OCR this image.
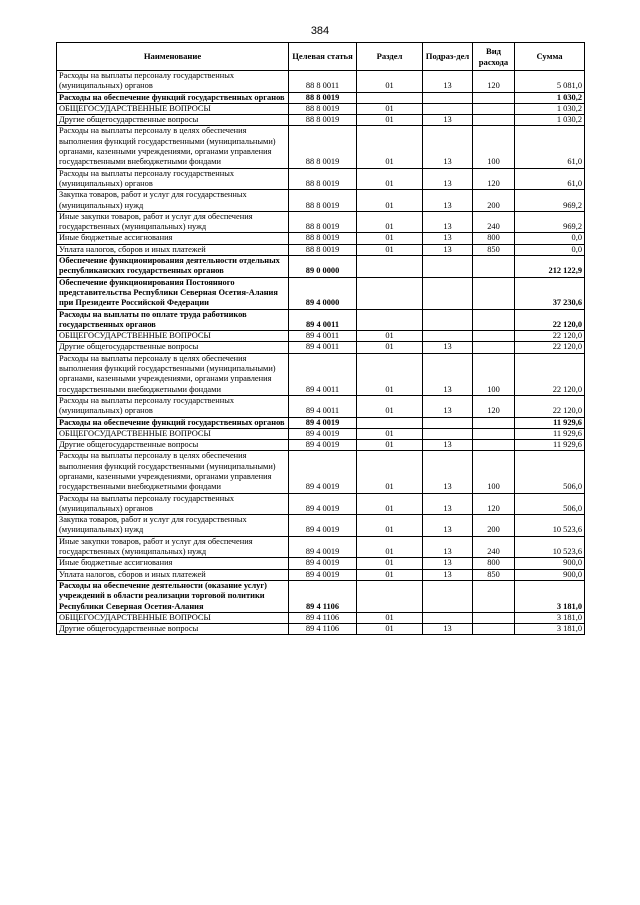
384
Наименование	Целевая статья	Раздел	Подраз-дел	Вид расхода	Сумма
Расходы на выплаты персоналу государственных (муниципальных) органов	88 8 0011	01	13	120	5 081,0
Расходы на обеспечение функций государственных органов	88 8 0019				1 030,2
ОБЩЕГОСУДАРСТВЕННЫЕ ВОПРОСЫ	88 8 0019	01			1 030,2
Другие общегосударственные вопросы	88 8 0019	01	13		1 030,2
Расходы на выплаты персоналу в целях обеспечения выполнения функций государственными (муниципальными) органами, казенными учреждениями, органами управления государственными внебюджетными фондами	88 8 0019	01	13	100	61,0
Расходы на выплаты персоналу государственных (муниципальных) органов	88 8 0019	01	13	120	61,0
Закупка товаров, работ и услуг для государственных (муниципальных) нужд	88 8 0019	01	13	200	969,2
Иные закупки товаров, работ и услуг для обеспечения государственных (муниципальных) нужд	88 8 0019	01	13	240	969,2
Иные бюджетные ассигнования	88 8 0019	01	13	800	0,0
Уплата налогов, сборов и иных платежей	88 8 0019	01	13	850	0,0
Обеспечение функционирования деятельности отдельных республиканских государственных органов	89 0 0000				212 122,9
Обеспечение функционирования Постоянного представительства Республики Северная Осетия-Алания при Президенте Российской Федерации	89 4 0000				37 230,6
Расходы на выплаты по оплате труда работников государственных органов	89 4 0011				22 120,0
ОБЩЕГОСУДАРСТВЕННЫЕ ВОПРОСЫ	89 4 0011	01			22 120,0
Другие общегосударственные вопросы	89 4 0011	01	13		22 120,0
Расходы на выплаты персоналу в целях обеспечения выполнения функций государственными (муниципальными) органами, казенными учреждениями, органами управления государственными внебюджетными фондами	89 4 0011	01	13	100	22 120,0
Расходы на выплаты персоналу государственных (муниципальных) органов	89 4 0011	01	13	120	22 120,0
Расходы на обеспечение функций государственных органов	89 4 0019				11 929,6
ОБЩЕГОСУДАРСТВЕННЫЕ ВОПРОСЫ	89 4 0019	01			11 929,6
Другие общегосударственные вопросы	89 4 0019	01	13		11 929,6
Расходы на выплаты персоналу в целях обеспечения выполнения функций государственными (муниципальными) органами, казенными учреждениями, органами управления государственными внебюджетными фондами	89 4 0019	01	13	100	506,0
Расходы на выплаты персоналу государственных (муниципальных) органов	89 4 0019	01	13	120	506,0
Закупка товаров, работ и услуг для государственных (муниципальных) нужд	89 4 0019	01	13	200	10 523,6
Иные закупки товаров, работ и услуг для обеспечения государственных (муниципальных) нужд	89 4 0019	01	13	240	10 523,6
Иные бюджетные ассигнования	89 4 0019	01	13	800	900,0
Уплата налогов, сборов и иных платежей	89 4 0019	01	13	850	900,0
Расходы на обеспечение деятельности (оказание услуг) учреждений в области реализации торговой политики Республики Северная Осетия-Алания	89 4 1106				3 181,0
ОБЩЕГОСУДАРСТВЕННЫЕ ВОПРОСЫ	89 4 1106	01			3 181,0
Другие общегосударственные вопросы	89 4 1106	01	13		3 181,0
